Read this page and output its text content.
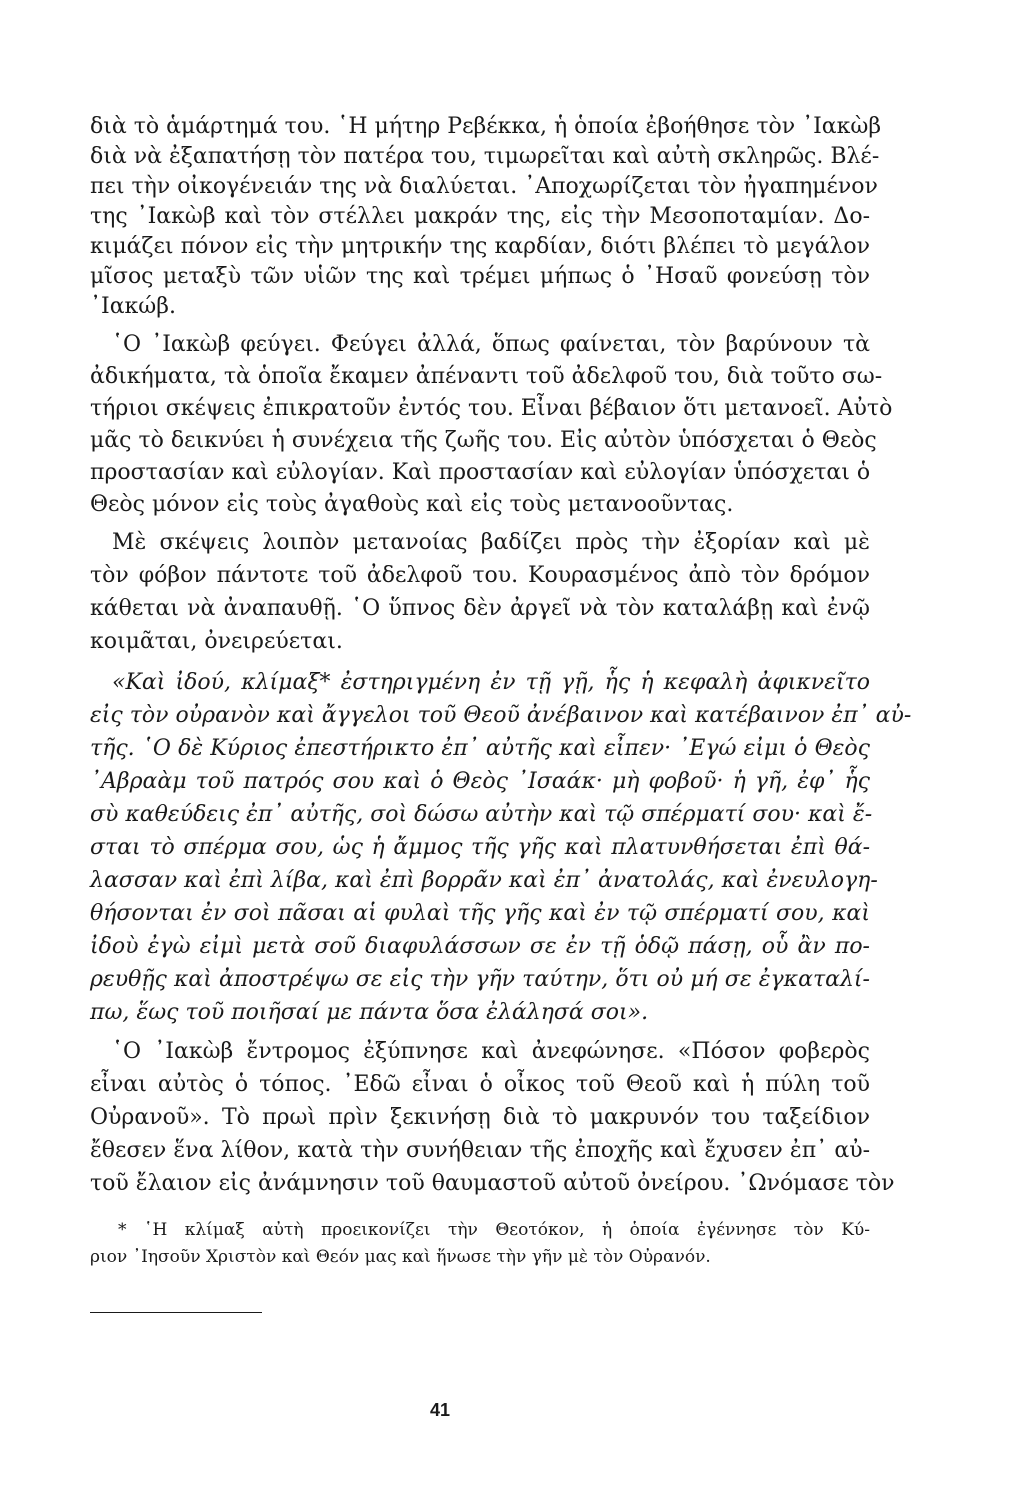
διὰ τὸ ἁμάρτημά του. ῾Η μήτηρ Ρεβέκκα, ἡ ὁποία ἐβοήθησε τὸν ᾿Ιακὼβ
διὰ νὰ ἐξαπατήσῃ τὸν πατέρα του, τιμωρεῖται καὶ αὐτὴ σκληρῶς. Βλέ-
πει τὴν οἰκογένειάν της νὰ διαλύεται. ᾿Αποχωρίζεται τὸν ἠγαπημένον
της ᾿Ιακὼβ καὶ τὸν στέλλει μακράν της, εἰς τὴν Μεσοποταμίαν. Δο-
κιμάζει πόνον εἰς τὴν μητρικήν της καρδίαν, διότι βλέπει τὸ μεγάλον
μῖσος μεταξὺ τῶν υἱῶν της καὶ τρέμει μήπως ὁ ᾿Ησαῦ φονεύσῃ τὸν
᾿Ιακώβ.
῾Ο ᾿Ιακὼβ φεύγει. Φεύγει ἀλλά, ὅπως φαίνεται, τὸν βαρύνουν τὰ
ἀδικήματα, τὰ ὁποῖα ἔκαμεν ἀπέναντι τοῦ ἀδελφοῦ του, διὰ τοῦτο σω-
τήριοι σκέψεις ἐπικρατοῦν ἐντός του. Εἶναι βέβαιον ὅτι μετανοεῖ. Αὐτὸ
μᾶς τὸ δεικνύει ἡ συνέχεια τῆς ζωῆς του. Εἰς αὐτὸν ὑπόσχεται ὁ Θεὸς
προστασίαν καὶ εὐλογίαν. Καὶ προστασίαν καὶ εὐλογίαν ὑπόσχεται ὁ
Θεὸς μόνον εἰς τοὺς ἀγαθοὺς καὶ εἰς τοὺς μετανοοῦντας.
Μὲ σκέψεις λοιπὸν μετανοίας βαδίζει πρὸς τὴν ἐξορίαν καὶ μὲ
τὸν φόβον πάντοτε τοῦ ἀδελφοῦ του. Κουρασμένος ἀπὸ τὸν δρόμον
κάθεται νὰ ἀναπαυθῇ. ῾Ο ὕπνος δὲν ἀργεῖ νὰ τὸν καταλάβῃ καὶ ἐνῷ
κοιμᾶται, ὀνειρεύεται.
«Καὶ ἰδού, κλίμαξ* ἐστηριγμένη ἐν τῇ γῇ, ἧς ἡ κεφαλὴ ἀφικνεῖτο
εἰς τὸν οὐρανὸν καὶ ἄγγελοι τοῦ Θεοῦ ἀνέβαινον καὶ κατέβαινον ἐπ᾿ αὐ-
τῆς. ῾Ο δὲ Κύριος ἐπεστήρικτο ἐπ᾿ αὐτῆς καὶ εἶπεν· ᾿Εγώ εἰμι ὁ Θεὸς
᾿Αβραὰμ τοῦ πατρός σου καὶ ὁ Θεὸς ᾿Ισαάκ· μὴ φοβοῦ· ἡ γῆ, ἐφ᾿ ἧς
σὺ καθεύδεις ἐπ᾿ αὐτῆς, σοὶ δώσω αὐτὴν καὶ τῷ σπέρματί σου· καὶ ἔ-
σται τὸ σπέρμα σου, ὡς ἡ ἄμμος τῆς γῆς καὶ πλατυνθήσεται ἐπὶ θά-
λασσαν καὶ ἐπὶ λίβα, καὶ ἐπὶ βορρᾶν καὶ ἐπ᾿ ἀνατολάς, καὶ ἐνευλογη-
θήσονται ἐν σοὶ πᾶσαι αἱ φυλαὶ τῆς γῆς καὶ ἐν τῷ σπέρματί σου, καὶ
ἰδοὺ ἐγὼ εἰμὶ μετὰ σοῦ διαφυλάσσων σε ἐν τῇ ὁδῷ πάσῃ, οὗ ἂν πο-
ρευθῇς καὶ ἀποστρέψω σε εἰς τὴν γῆν ταύτην, ὅτι οὐ μή σε ἐγκαταλί-
πω, ἕως τοῦ ποιῆσαί με πάντα ὅσα ἐλάλησά σοι».
῾Ο ᾿Ιακὼβ ἔντρομος ἐξύπνησε καὶ ἀνεφώνησε. «Πόσον φοβερὸς
εἶναι αὐτὸς ὁ τόπος. ᾿Εδῶ εἶναι ὁ οἶκος τοῦ Θεοῦ καὶ ἡ πύλη τοῦ
Οὐρανοῦ». Τὸ πρωὶ πρὶν ξεκινήσῃ διὰ τὸ μακρυνόν του ταξείδιον
ἔθεσεν ἕνα λίθον, κατὰ τὴν συνήθειαν τῆς ἐποχῆς καὶ ἔχυσεν ἐπ᾿ αὐ-
τοῦ ἔλαιον εἰς ἀνάμνησιν τοῦ θαυμαστοῦ αὐτοῦ ὀνείρου. ᾿Ωνόμασε τὸν
* ῾Η κλίμαξ αὐτὴ προεικονίζει τὴν Θεοτόκον, ἡ ὁποία ἐγέννησε τὸν Κύ-
ριον ᾿Ιησοῦν Χριστὸν καὶ Θεόν μας καὶ ἥνωσε τὴν γῆν μὲ τὸν Οὐρανόν.
41
